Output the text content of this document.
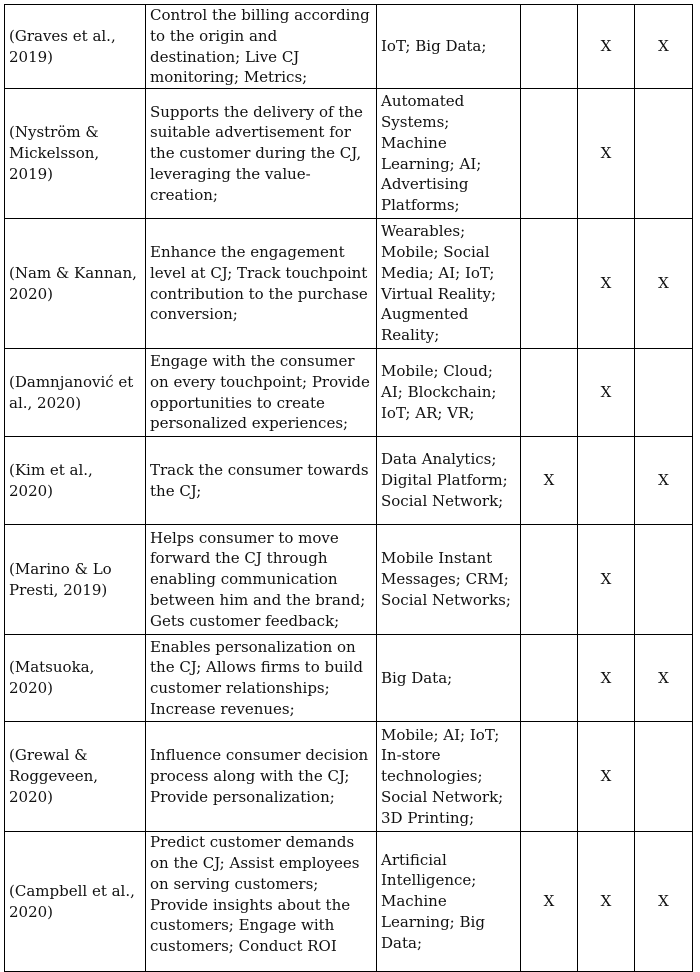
(Graves et al., 2019)	Control the billing according to the origin and destination; Live CJ monitoring; Metrics;	IoT; Big Data;		X	X
(Nyström & Mickelsson, 2019)	Supports the delivery of the suitable advertisement for the customer during the CJ, leveraging the value-creation;	Automated Systems; Machine Learning; AI; Advertising Platforms;		X	
(Nam & Kannan, 2020)	Enhance the engagement level at CJ; Track touchpoint contribution to the purchase conversion;	Wearables; Mobile; Social Media; AI; IoT; Virtual Reality; Augmented Reality;		X	X
(Damnjanović et al., 2020)	Engage with the consumer on every touchpoint; Provide opportunities to create personalized experiences;	Mobile; Cloud; AI; Blockchain; IoT; AR; VR;		X	
(Kim et al., 2020)	Track the consumer towards the CJ;	Data Analytics; Digital Platform; Social Network;	X		X
(Marino & Lo Presti, 2019)	Helps consumer to move forward the CJ through enabling communication between him and the brand; Gets customer feedback;	Mobile Instant Messages; CRM; Social Networks;		X	
(Matsuoka, 2020)	Enables personalization on the CJ; Allows firms to build customer relationships; Increase revenues;	Big Data;		X	X
(Grewal & Roggeveen, 2020)	Influence consumer decision process along with the CJ; Provide personalization;	Mobile; AI; IoT; In-store technologies; Social Network; 3D Printing;		X	
(Campbell et al., 2020)	Predict customer demands on the CJ; Assist employees on serving customers; Provide insights about the customers; Engage with customers; Conduct ROI	Artificial Intelligence; Machine Learning; Big Data;	X	X	X
